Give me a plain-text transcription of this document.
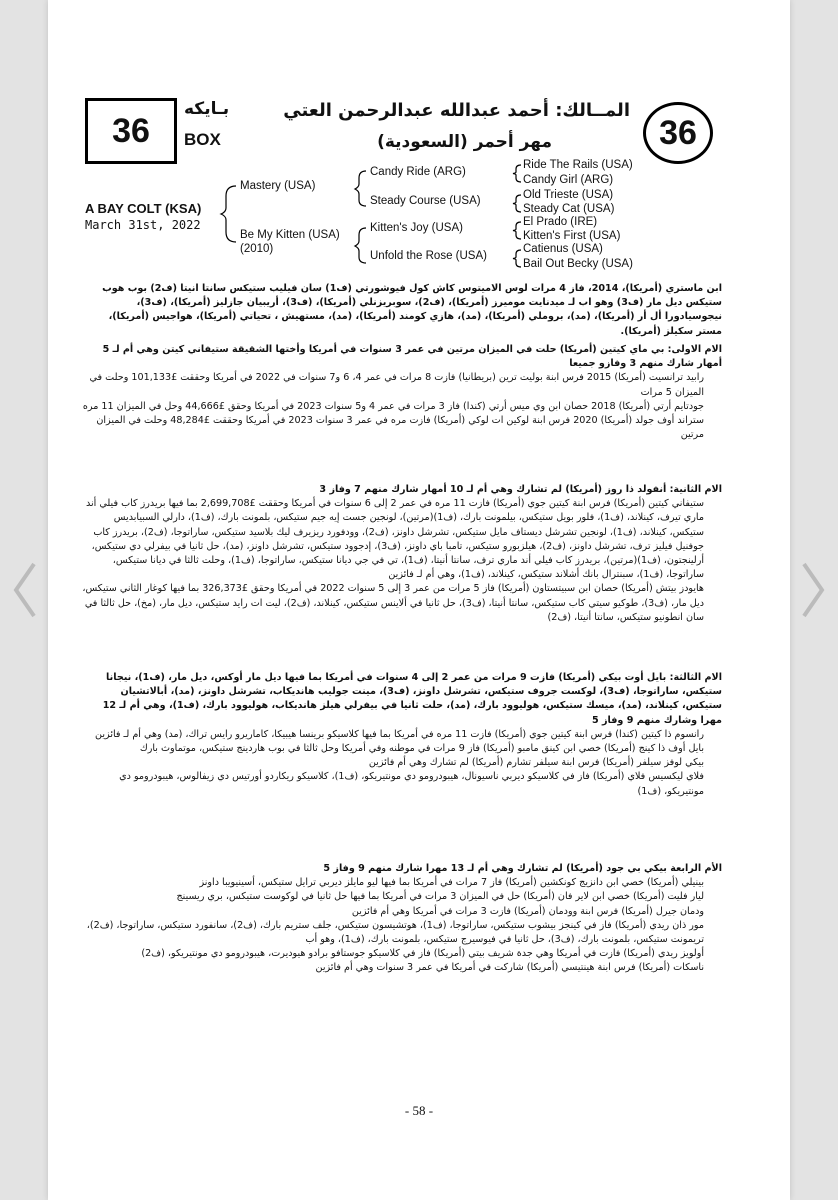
36
بـايكه
BOX
المــالك: أحمد عبدالله عبدالرحمن العتي
مهر أحمر (السعودية)	36
A BAY COLT (KSA)
March 31st, 2022
Mastery (USA)
Be My Kitten (USA)
(2010)
Candy Ride (ARG)
Steady Course (USA)
Kitten's Joy (USA)
Unfold the Rose (USA)
Ride The Rails (USA)
Candy Girl (ARG)
Old Trieste (USA)
Steady Cat (USA)
El Prado (IRE)
Kitten's First (USA)
Catienus (USA)
Bail Out Becky (USA)

ابن ماستري (أمريكا)، 2014، فاز 4 مرات لوس الاميتوس كاش كول فيوشورتي (ف1) سان فيليب ستيكس سانتا انيتا (ف2) بوب هوب ستيكس ديل مار (ف3) وهو اب لـ ميدنايت موميرز (أمريكا)، (ف2)، سوبريزنلي (أمريكا)، (ف3)، أريبيان جازليز (أمريكا)، (ف3)، نيجوسيادورا أل أر (أمريكا)، (مد)، بروملي (أمريكا)، (مد)، هازي كومند (أمريكا)، (مد)، مستهيش ، تحياتي (أمريكا)، هواجيس (أمريكا)، مستر سكيلز (أمريكا).

الام الاولى: بي ماي كيتين (أمريكا) حلت في الميزان مرتين في عمر 3 سنوات في أمريكا وأختها الشقيقة ستيفاني كيتن وهي أم لـ 5 أمهار شارك منهم 3 وفازو جميعا

رابيد ترانسيت (أمريكا) 2015 فرس ابنة بوليت ترين (بريطانيا) فازت 8 مرات في عمر 4، 6 و7 سنوات في 2022 في أمريكا وحققت £101,133 وحلت في الميزان 5 مرات

جودتايم أرتي (أمريكا) 2018 حصان ابن وي ميس أرتي (كندا) فاز 3 مرات في عمر 4 و5 سنوات 2023 في أمريكا وحقق £44,666 وحل في الميزان 11 مره

ستراند أوف جولد (أمريكا) 2020 فرس ابنة لوكين ات لوكي (أمريكا) فازت مره في عمر 3 سنوات 2023 في أمريكا وحققت £48,284 وحلت في الميزان مرتين

الام الثانية: أنفولد ذا روز (أمريكا) لم تشارك وهي أم لـ 10 أمهار شارك منهم 7 وفاز 3

ستيفاني كيتين (أمريكا) فرس ابنة كيتين جوي (أمريكا) فازت 11 مره في عمر 2 إلى 6 سنوات في أمريكا وحققت £2,699,708 بما فيها بريدرز كاب فيلي أند ماري تيرف، كينلاند، (ف1)، فلور بويل ستيكس، بيلمونت بارك، (ف1)(مرتين)، لونجين جست إيه جيم ستيكس، بلمونت بارك، (ف1)، دارلي السبيابديس ستيكس، كينلاند، (ف1)، لونجين تشرشل ديستاف مايل ستيكس، تشرشل داونز، (ف2)، وودفورد ريزيرف ليك بلاسيد ستيكس، ساراتوجا، (ف2)، بريدرز كاب جوفنيل فيليز ترف، تشرشل داونز، (ف2)، هيلزبورو ستيكس، تامبا باي داونز، (ف3)، إدجوود ستيكس، تشرشل داونز، (مد)، حل ثانيا في بيفرلي دي ستيكس، أرلينجتون، (ف1)(مرتين)، بريدرز كاب فيلي أند ماري ترف، سانتا أنيتا، (ف1)، تي في جي ديانا ستيكس، ساراتوجا، (ف1)، وحلت ثالثا في ديانا ستيكس، ساراتوجا، (ف1)، سبنترال بانك أشلاند ستيكس، كينلاند، (ف1)، وهي أم لـ فائزين

هايودز بيتش (أمريكا) حصان ابن سبيتستاون (أمريكا) فاز 5 مرات من عمر 3 إلى 5 سنوات 2022 في أمريكا وحقق £326,373 بما فيها كوغار الثاني ستيكس، ديل مار، (ف3)، طوكيو سيتي كاب ستيكس، سانتا أنيتا، (ف3)، حل ثانيا في ألاينس ستيكس، كينلاند، (ف2)، ليت ات رايد ستيكس، ديل مار، (مخ)، حل ثالثا في سان انطونيو ستيكس، سانتا أنيتا، (ف2)

الام الثالثة: بايل أوت بيكي (أمريكا) فازت 9 مرات من عمر 2 إلى 4 سنوات في أمريكا بما فيها ديل مار أوكس، ديل مار، (ف1)، نيجانا ستيكس، ساراتوجا، (ف3)، لوكست جروف ستيكس، تشرشل داونز، (ف3)، مينت جوليب هانديكاب، تشرشل داونز، (مد)، أبالاتشيان ستيكس، كينلاند، (مد)، ميسك ستيكس، هوليوود بارك، (مد)، حلت ثانيا في بيفرلي هيلز هانديكاب، هوليوود بارك، (ف1)، وهي أم لـ 12 مهرا وشارك منهم 9 وفاز 5

رانسوم ذا كيتين (كندا) فرس ابنة كيتين جوي (أمريكا) فازت 11 مره في أمريكا بما فيها كلاسيكو برينسا هيبيكا، كاماريرو رايس تراك، (مد) وهي أم لـ فائزين

بايل أوف ذا كينج (أمريكا) خصي ابن كينق مامبو (أمريكا) فاز 9 مرات في موطنه وفي أمريكا وحل ثالثا في بوب هاردينج ستيكس، موتماوث بارك

بيكي لوفز سيلفر (أمريكا) فرس ابنة سيلفر تشارم (أمريكا) لم تشارك وهي أم فائزين

فلاي ليكسيس فلاي (أمريكا) فاز في كلاسيكو ديربي ناسيونال، هيبودرومو دي مونتيريكو، (ف1)، كلاسيكو ريكاردو أورتيس دي زيفالوس، هيبودرومو دي مونتيريكو، (ف1)

الأم الرابعة بيكي بي جود (أمريكا) لم تشارك وهي أم لـ 13 مهرا شارك منهم 9 وفاز 5

بينيلي (أمريكا) خصي ابن دانزيج كونكشين (أمريكا) فاز 7 مرات في أمريكا بما فيها ليو مايلز ديربي ترايل ستيكس، أسينيويبا داونز

ليار فليت (أمريكا) خصي ابن لاير فان (أمريكا) حل في الميزان 3 مرات في أمريكا بما فيها حل ثانيا في لوكوست ستيكس، بري ريسينج

ودمان جيرل (أمريكا) فرس ابنة وودمان (أمريكا) فازت 3 مرات في أمريكا وهي أم فائزين

مور ذان ريدي (أمريكا) فاز في كينجز بيشوب ستيكس، ساراتوجا، (ف1)، هوتشيسون ستيكس، جلف ستريم بارك، (ف2)، سانفورد ستيكس، ساراتوجا، (ف2)، تريمونت ستيكس، بلمونت بارك، (ف3)، حل ثانيا في فيوسيرج ستيكس، بلمونت بارك، (ف1)، وهو أب

أولويز ريدي (أمريكا) فازت في أمريكا وهي جدة شريف بيتي (أمريكا) فاز في كلاسيكو جوستافو برادو هيوديرت، هيبودرومو دي مونتيريكو، (ف2)

ناسكات (أمريكا) فرس ابنة هينتيسي (أمريكا) شاركت في أمريكا في عمر 3 سنوات وهي أم فائزين

- 58 -
